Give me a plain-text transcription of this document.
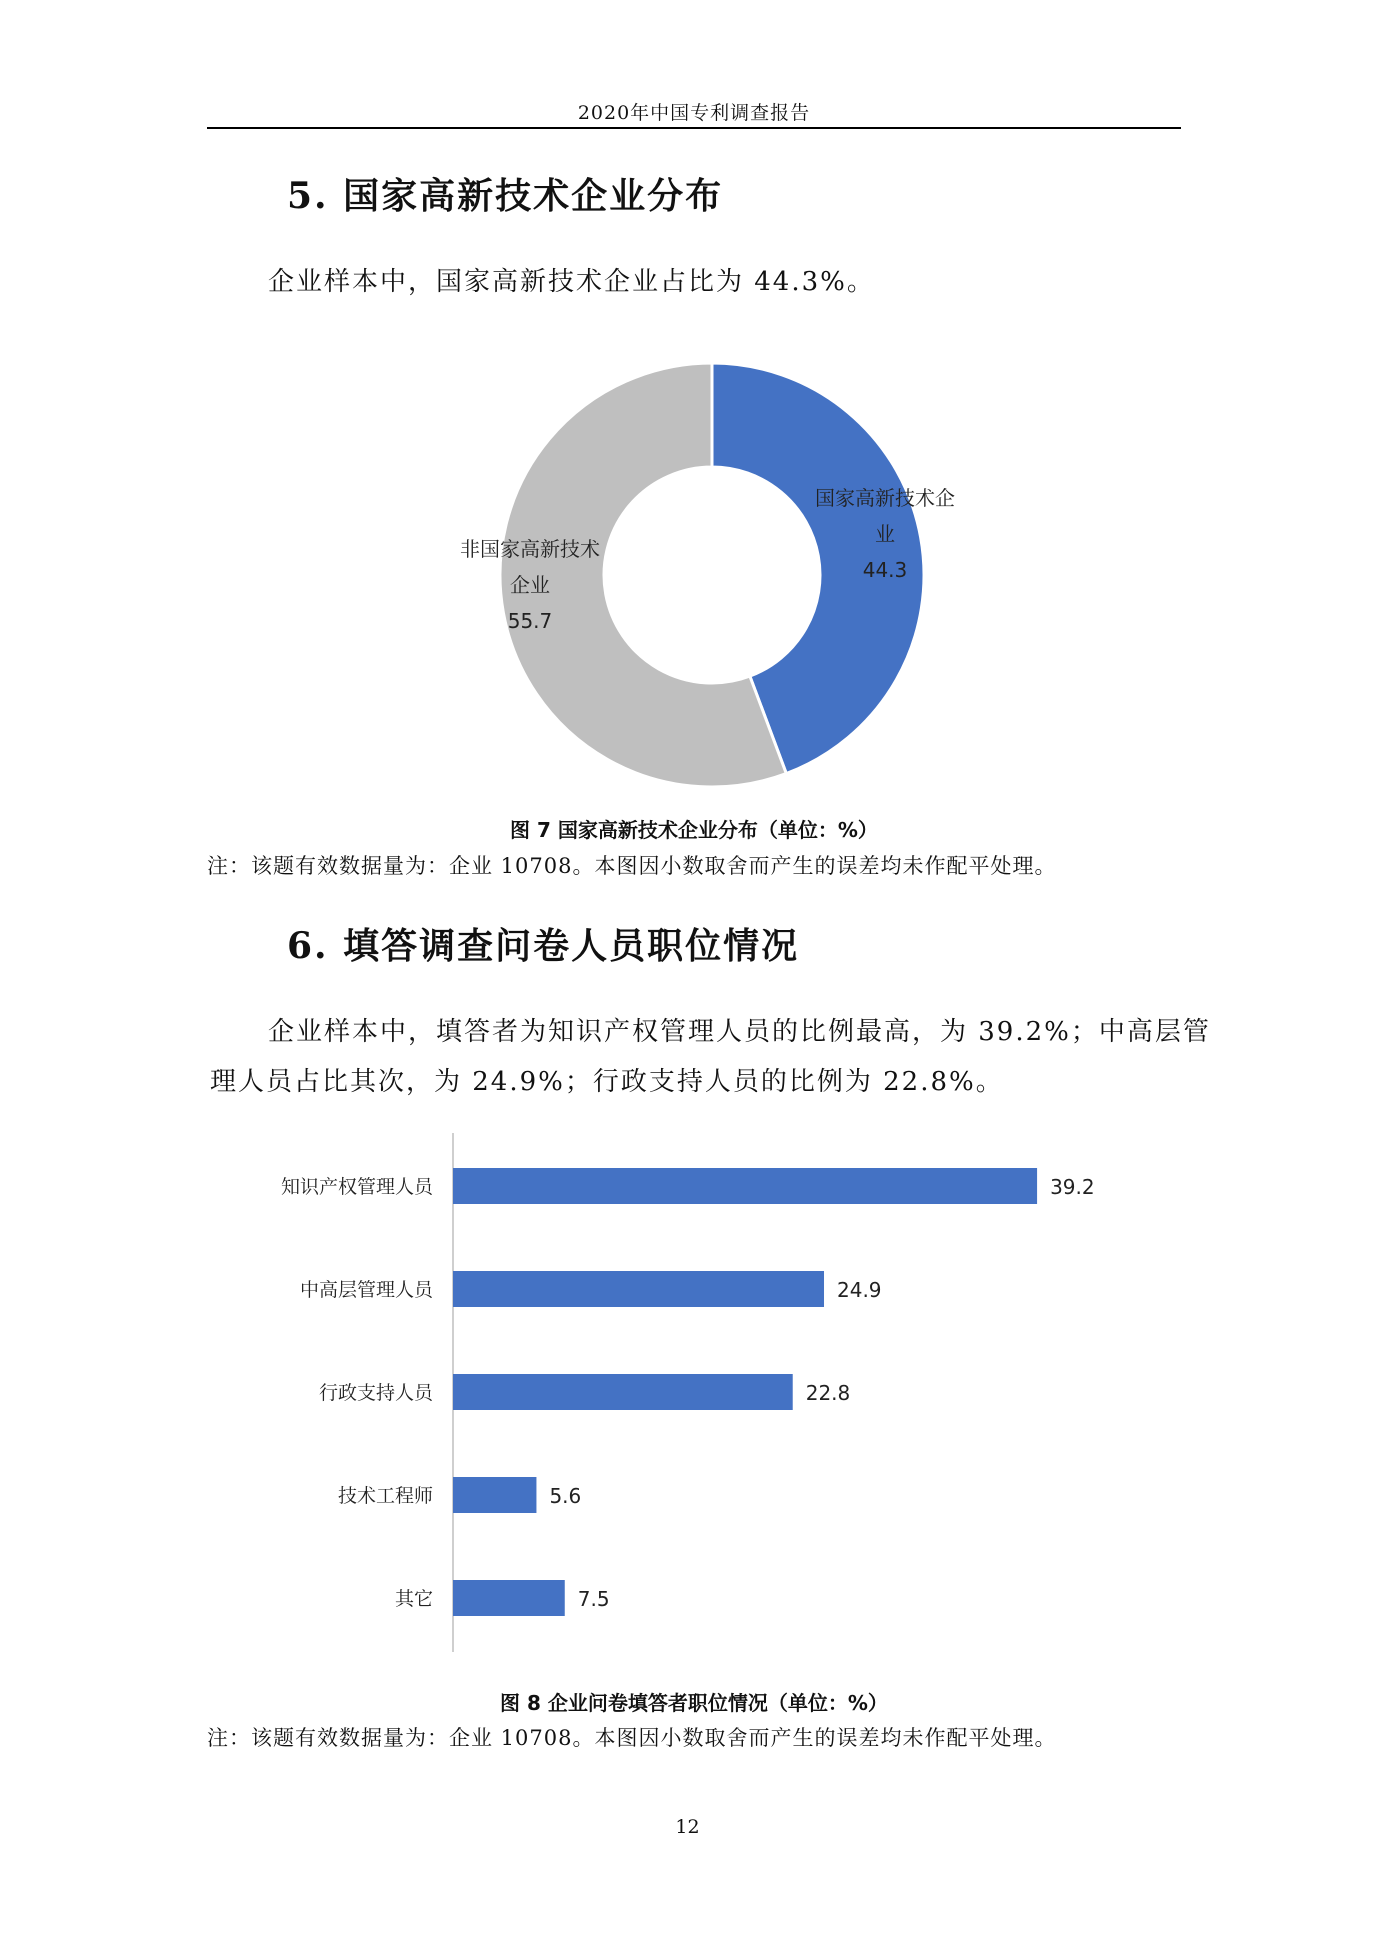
2020年中国专利调查报告
5. 国家高新技术企业分布
企业样本中，国家高新技术企业占比为 44.3%。
国家高新技术企业 44.3
非国家高新技术企业 55.7
图 7 国家高新技术企业分布（单位：%）
注：该题有效数据量为：企业 10708。本图因小数取舍而产生的误差均未作配平处理。
6. 填答调查问卷人员职位情况
企业样本中，填答者为知识产权管理人员的比例最高，为 39.2%；中高层管
理人员占比其次，为 24.9%；行政支持人员的比例为 22.8%。
知识产权管理人员	39.2
中高层管理人员	24.9
行政支持人员	22.8
技术工程师	5.6
其它	7.5
图 8 企业问卷填答者职位情况（单位：%）
注：该题有效数据量为：企业 10708。本图因小数取舍而产生的误差均未作配平处理。
12
